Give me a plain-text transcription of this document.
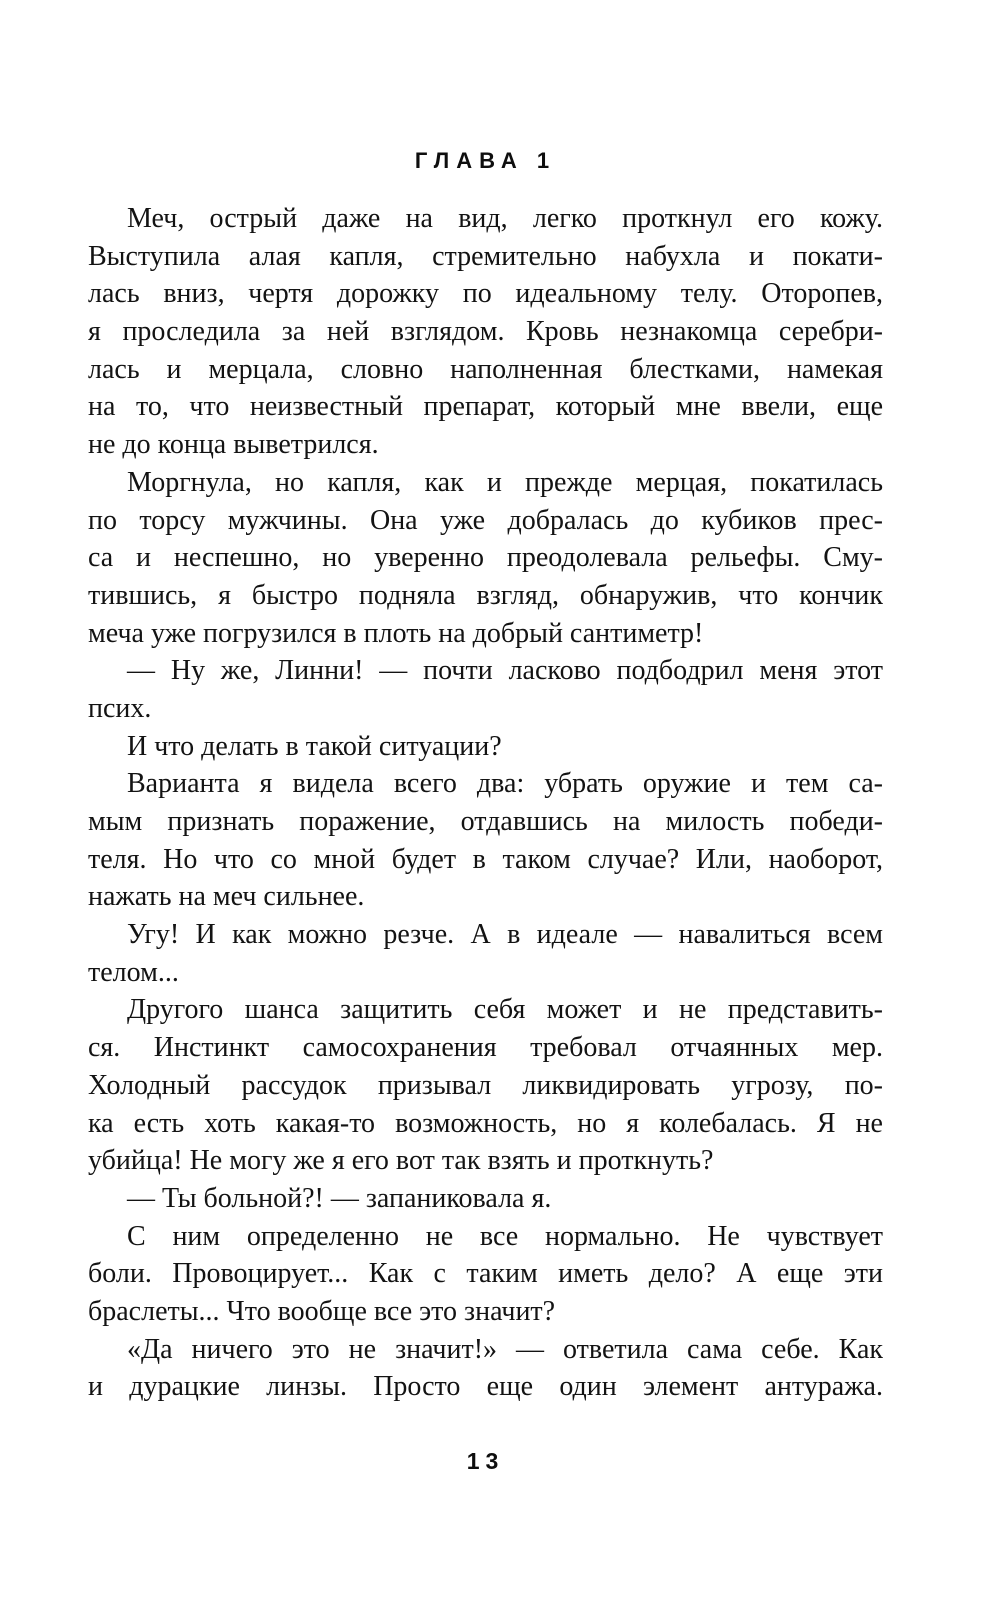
ГЛАВА 1
Меч, острый даже на вид, легко проткнул его кожу.
Выступила алая капля, стремительно набухла и покати-
лась вниз, чертя дорожку по идеальному телу. Оторопев,
я проследила за ней взглядом. Кровь незнакомца серебри-
лась и мерцала, словно наполненная блестками, намекая
на то, что неизвестный препарат, который мне ввели, еще
не до конца выветрился.
Моргнула, но капля, как и прежде мерцая, покатилась
по торсу мужчины. Она уже добралась до кубиков прес-
са и неспешно, но уверенно преодолевала рельефы. Сму-
тившись, я быстро подняла взгляд, обнаружив, что кончик
меча уже погрузился в плоть на добрый сантиметр!
— Ну же, Линни! — почти ласково подбодрил меня этот
псих.
И что делать в такой ситуации?
Варианта я видела всего два: убрать оружие и тем са-
мым признать поражение, отдавшись на милость победи-
теля. Но что со мной будет в таком случае? Или, наоборот,
нажать на меч сильнее.
Угу! И как можно резче. А в идеале — навалиться всем
телом...
Другого шанса защитить себя может и не представить-
ся. Инстинкт самосохранения требовал отчаянных мер.
Холодный рассудок призывал ликвидировать угрозу, по-
ка есть хоть какая-то возможность, но я колебалась. Я не
убийца! Не могу же я его вот так взять и проткнуть?
— Ты больной?! — запаниковала я.
С ним определенно не все нормально. Не чувствует
боли. Провоцирует... Как с таким иметь дело? А еще эти
браслеты... Что вообще все это значит?
«Да ничего это не значит!» — ответила сама себе. Как
и дурацкие линзы. Просто еще один элемент антуража.
13
